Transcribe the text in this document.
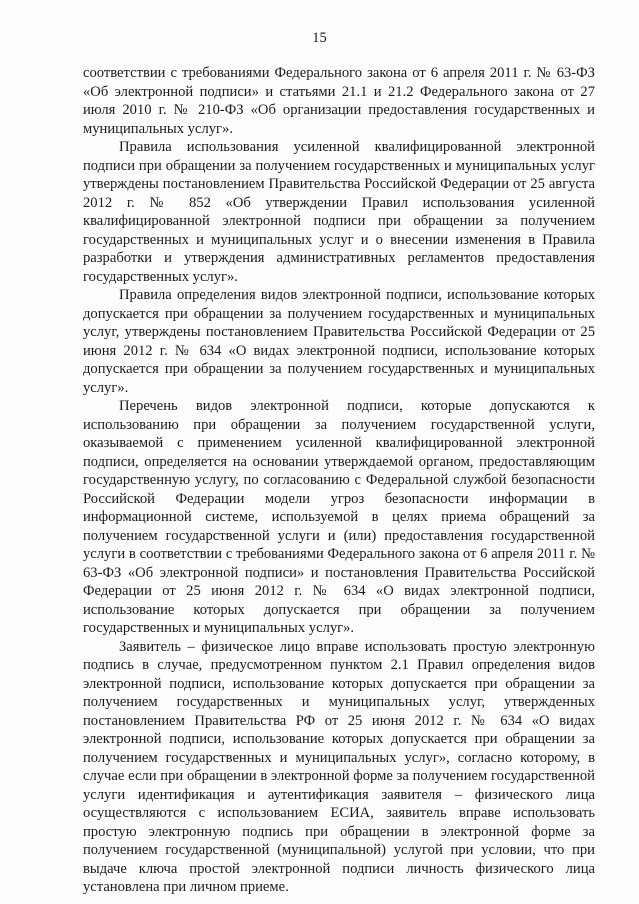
15

соответствии с требованиями Федерального закона от 6 апреля 2011 г. № 63-ФЗ «Об электронной подписи» и статьями 21.1 и 21.2 Федерального закона от 27 июля 2010 г. № 210-ФЗ «Об организации предоставления государственных и муниципальных услуг».

Правила использования усиленной квалифицированной электронной подписи при обращении за получением государственных и муниципальных услуг утверждены постановлением Правительства Российской Федерации от 25 августа 2012 г. № 852 «Об утверждении Правил использования усиленной квалифицированной электронной подписи при обращении за получением государственных и муниципальных услуг и о внесении изменения в Правила разработки и утверждения административных регламентов предоставления государственных услуг».

Правила определения видов электронной подписи, использование которых допускается при обращении за получением государственных и муниципальных услуг, утверждены постановлением Правительства Российской Федерации от 25 июня 2012 г. № 634 «О видах электронной подписи, использование которых допускается при обращении за получением государственных и муниципальных услуг».

Перечень видов электронной подписи, которые допускаются к использованию при обращении за получением государственной услуги, оказываемой с применением усиленной квалифицированной электронной подписи, определяется на основании утверждаемой органом, предоставляющим государственную услугу, по согласованию с Федеральной службой безопасности Российской Федерации модели угроз безопасности информации в информационной системе, используемой в целях приема обращений за получением государственной услуги и (или) предоставления государственной услуги в соответствии с требованиями Федерального закона от 6 апреля 2011 г. № 63-ФЗ «Об электронной подписи» и постановления Правительства Российской Федерации от 25 июня 2012 г. № 634 «О видах электронной подписи, использование которых допускается при обращении за получением государственных и муниципальных услуг».

Заявитель – физическое лицо вправе использовать простую электронную подпись в случае, предусмотренном пунктом 2.1 Правил определения видов электронной подписи, использование которых допускается при обращении за получением государственных и муниципальных услуг, утвержденных постановлением Правительства РФ от 25 июня 2012 г. № 634 «О видах электронной подписи, использование которых допускается при обращении за получением государственных и муниципальных услуг», согласно которому, в случае если при обращении в электронной форме за получением государственной услуги идентификация и аутентификация заявителя – физического лица осуществляются с использованием ЕСИА, заявитель вправе использовать простую электронную подпись при обращении в электронной форме за получением государственной (муниципальной) услугой при условии, что при выдаче ключа простой электронной подписи личность физического лица установлена при личном приеме.
